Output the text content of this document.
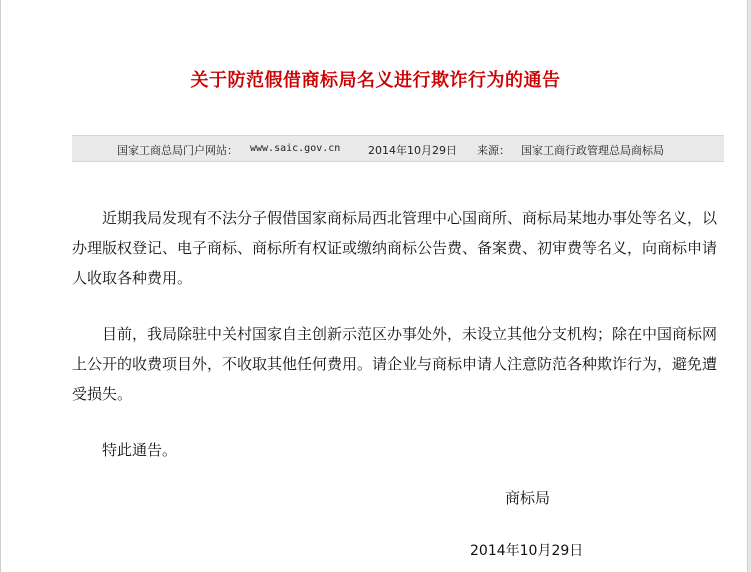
关于防范假借商标局名义进行欺诈行为的通告
国家工商总局门户网站： www.saic.gov.cn	2014年10月29日 来源： 国家工商行政管理总局商标局

近期我局发现有不法分子假借国家商标局西北管理中心国商所、商标局某地办事处等名义，以办理版权登记、电子商标、商标所有权证或缴纳商标公告费、备案费、初审费等名义，向商标申请人收取各种费用。

目前，我局除驻中关村国家自主创新示范区办事处外，未设立其他分支机构；除在中国商标网上公开的收费项目外，不收取其他任何费用。请企业与商标申请人注意防范各种欺诈行为，避免遭受损失。

特此通告。

商标局
2014年10月29日
